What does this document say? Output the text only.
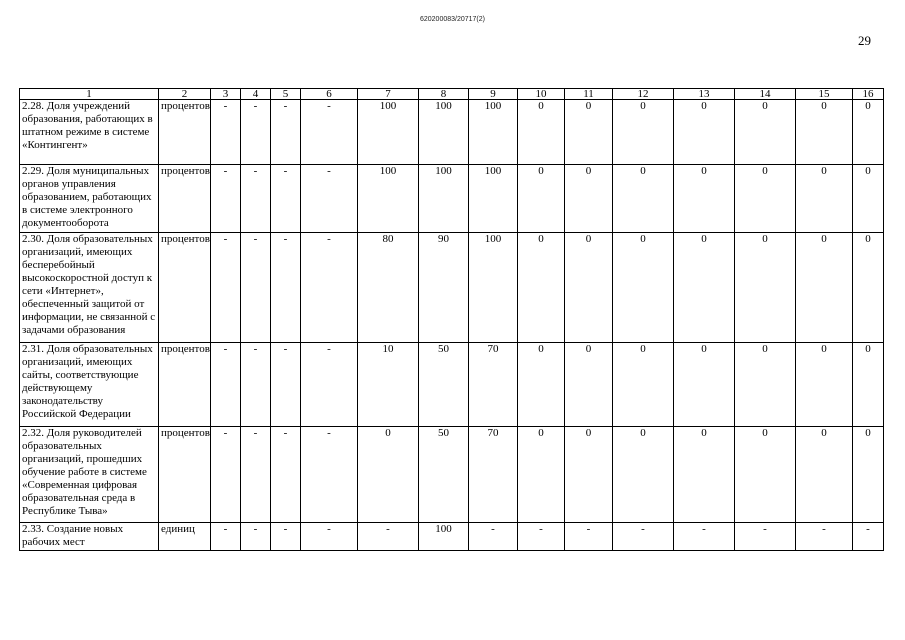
620200083/20717(2)
29
1	2	3	4	5	6	7	8	9	10	11	12	13	14	15	16
2.28. Доля учреждений образования, работающих в штатном режиме в системе «Контингент»	процентов	-	-	-	-	100	100	100	0	0	0	0	0	0	0
2.29. Доля муниципальных органов управления образованием, работающих в системе электронного документооборота	процентов	-	-	-	-	100	100	100	0	0	0	0	0	0	0
2.30. Доля образовательных организаций, имеющих бесперебойный высокоскоростной доступ к сети «Интернет», обеспеченный защитой от информации, не связанной с задачами образования	процентов	-	-	-	-	80	90	100	0	0	0	0	0	0	0
2.31. Доля образовательных организаций, имеющих сайты, соответствующие действующему законодательству Российской Федерации	процентов	-	-	-	-	10	50	70	0	0	0	0	0	0	0
2.32. Доля руководителей образовательных организаций, прошедших обучение работе в системе «Современная цифровая образовательная среда в Республике Тыва»	процентов	-	-	-	-	0	50	70	0	0	0	0	0	0	0
2.33. Создание новых рабочих мест	единиц	-	-	-	-	-	100	-	-	-	-	-	-	-	-
